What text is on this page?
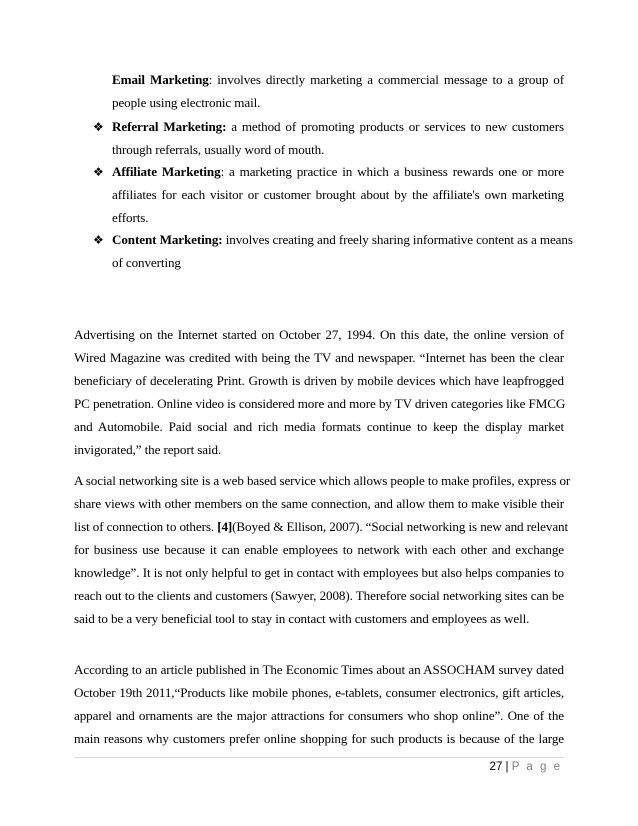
Email Marketing: involves directly marketing a commercial message to a group of
people using electronic mail.
❖ Referral Marketing: a method of promoting products or services to new customers
through referrals, usually word of mouth.
❖ Affiliate Marketing: a marketing practice in which a business rewards one or more
affiliates for each visitor or customer brought about by the affiliate's own marketing
efforts.
❖ Content Marketing: involves creating and freely sharing informative content as a means
of converting
Advertising on the Internet started on October 27, 1994. On this date, the online version of
Wired Magazine was credited with being the TV and newspaper. “Internet has been the clear
beneficiary of decelerating Print. Growth is driven by mobile devices which have leapfrogged
PC penetration. Online video is considered more and more by TV driven categories like FMCG
and Automobile. Paid social and rich media formats continue to keep the display market
invigorated,” the report said.
A social networking site is a web based service which allows people to make profiles, express or
share views with other members on the same connection, and allow them to make visible their
list of connection to others. [4](Boyed & Ellison, 2007). “Social networking is new and relevant
for business use because it can enable employees to network with each other and exchange
knowledge”. It is not only helpful to get in contact with employees but also helps companies to
reach out to the clients and customers (Sawyer, 2008). Therefore social networking sites can be
said to be a very beneficial tool to stay in contact with customers and employees as well.
According to an article published in The Economic Times about an ASSOCHAM survey dated
October 19th 2011,“Products like mobile phones, e-tablets, consumer electronics, gift articles,
apparel and ornaments are the major attractions for consumers who shop online”. One of the
main reasons why customers prefer online shopping for such products is because of the large
27 | P a g e
